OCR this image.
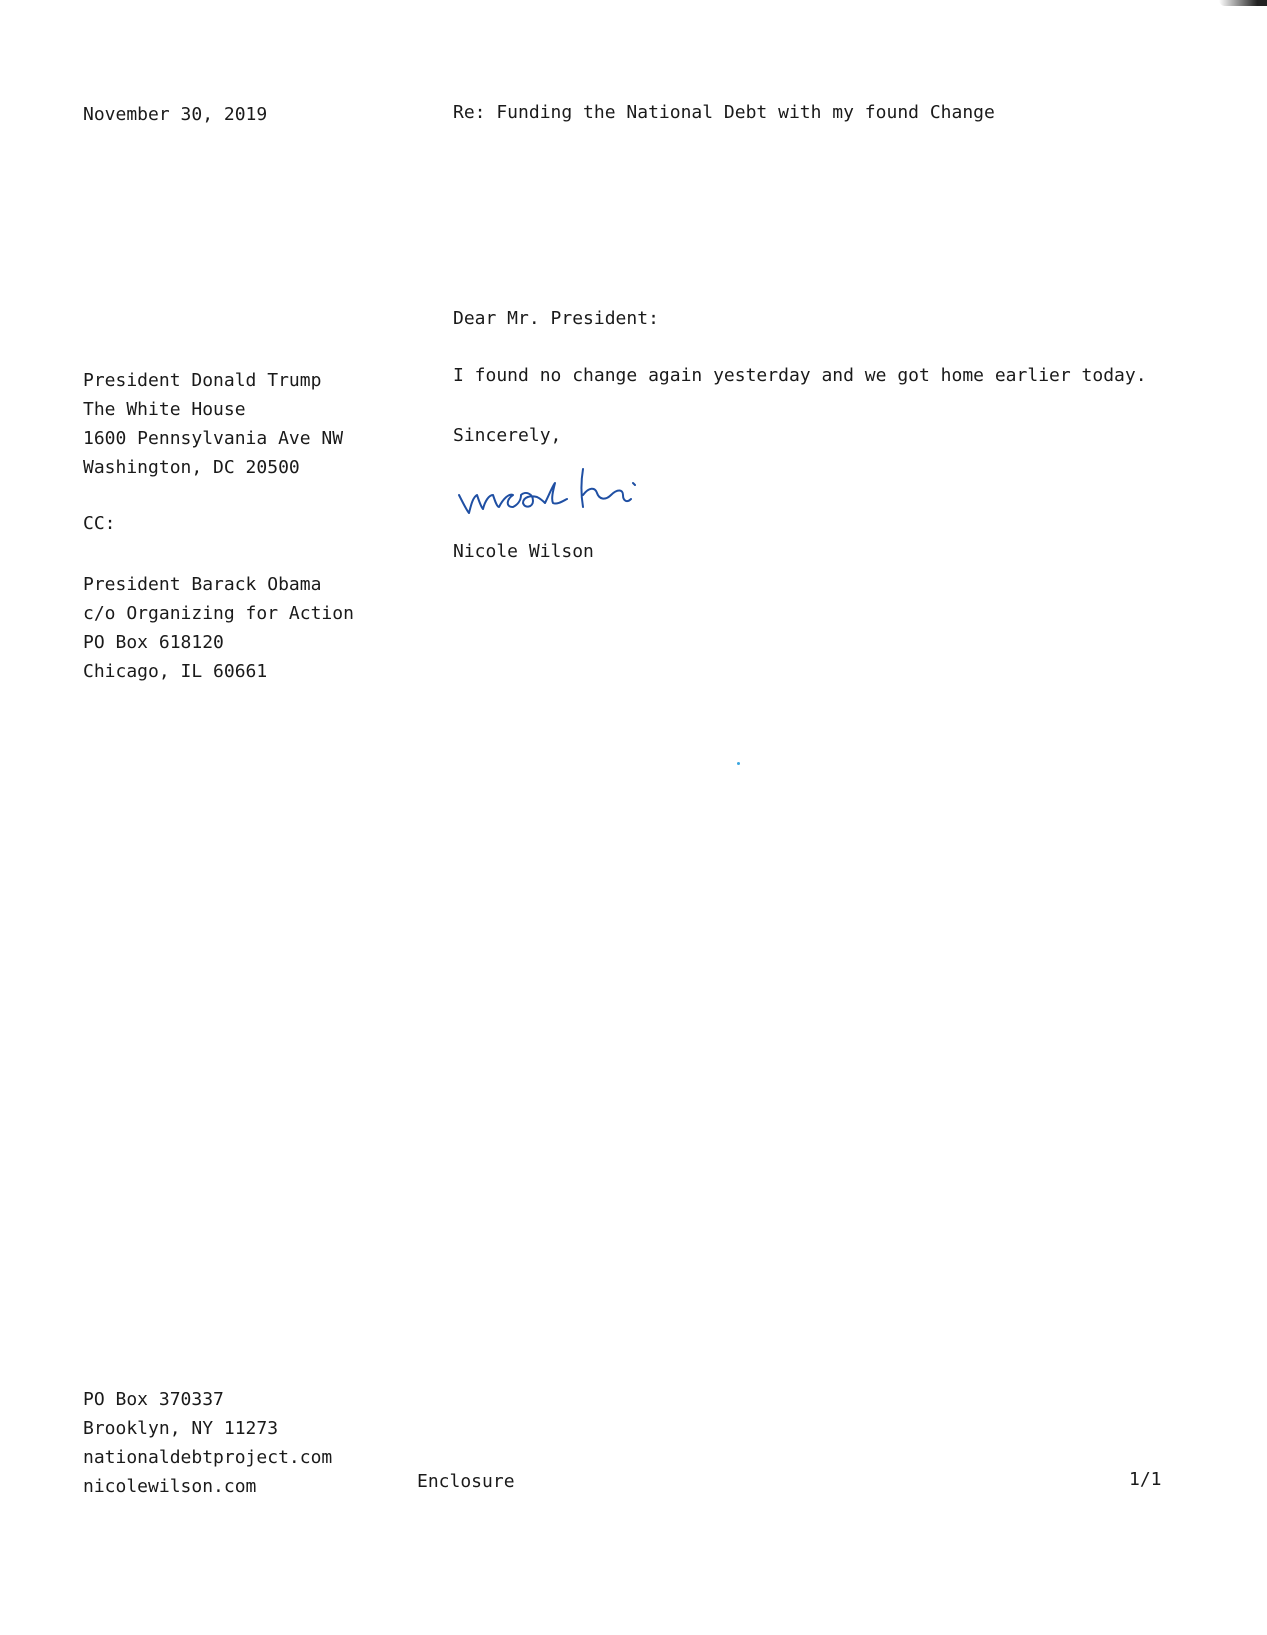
November 30, 2019	Re: Funding the National Debt with my found Change
Dear Mr. President:
President Donald Trump
The White House
1600 Pennsylvania Ave NW
Washington, DC 20500
I found no change again yesterday and we got home earlier today.
Sincerely,
Nicole Wilson
CC:
President Barack Obama
c/o Organizing for Action
PO Box 618120
Chicago, IL 60661
PO Box 370337
Brooklyn, NY 11273
nationaldebtproject.com
nicolewilson.com	Enclosure	1/1
